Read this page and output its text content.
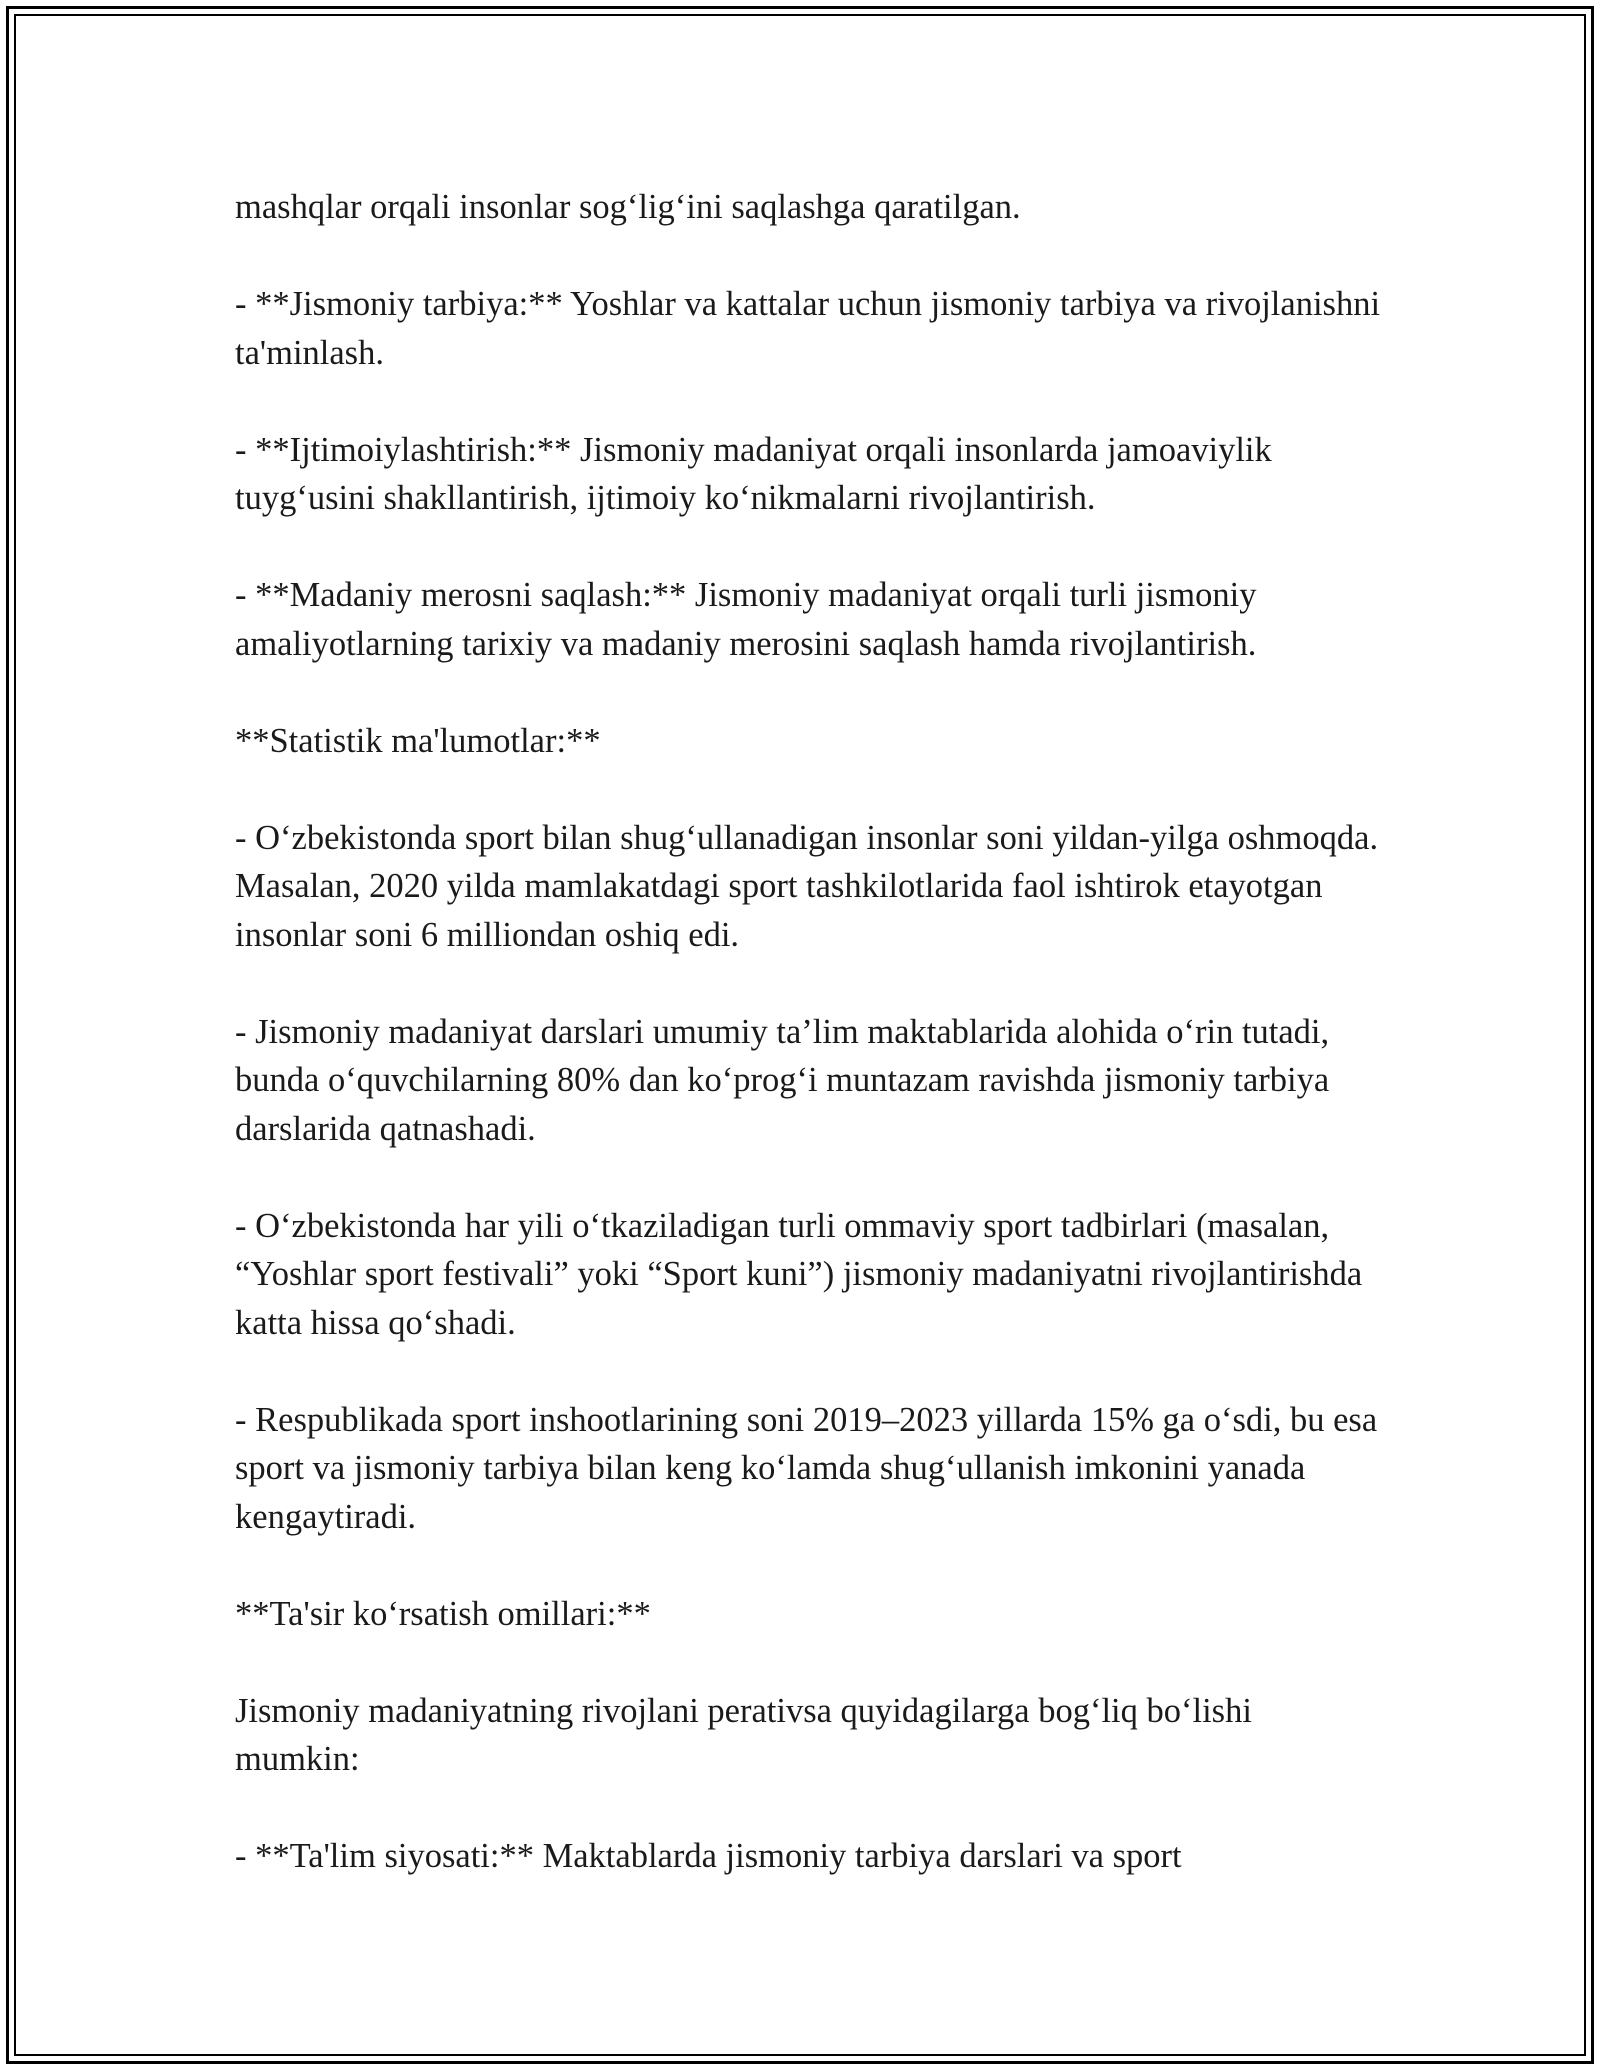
mashqlar orqali insonlar sog‘lig‘ini saqlashga qaratilgan.

- **Jismoniy tarbiya:** Yoshlar va kattalar uchun jismoniy tarbiya va rivojlanishni ta'minlash.

- **Ijtimoiylashtirish:** Jismoniy madaniyat orqali insonlarda jamoaviylik tuyg‘usini shakllantirish, ijtimoiy ko‘nikmalarni rivojlantirish.

- **Madaniy merosni saqlash:** Jismoniy madaniyat orqali turli jismoniy amaliyotlarning tarixiy va madaniy merosini saqlash hamda rivojlantirish.

**Statistik ma'lumotlar:**

- O‘zbekistonda sport bilan shug‘ullanadigan insonlar soni yildan-yilga oshmoqda. Masalan, 2020 yilda mamlakatdagi sport tashkilotlarida faol ishtirok etayotgan insonlar soni 6 milliondan oshiq edi.

- Jismoniy madaniyat darslari umumiy ta’lim maktablarida alohida o‘rin tutadi, bunda o‘quvchilarning 80% dan ko‘prog‘i muntazam ravishda jismoniy tarbiya darslarida qatnashadi.

- O‘zbekistonda har yili o‘tkaziladigan turli ommaviy sport tadbirlari (masalan, “Yoshlar sport festivali” yoki “Sport kuni”) jismoniy madaniyatni rivojlantirishda katta hissa qo‘shadi.

- Respublikada sport inshootlarining soni 2019–2023 yillarda 15% ga o‘sdi, bu esa sport va jismoniy tarbiya bilan keng ko‘lamda shug‘ullanish imkonini yanada kengaytiradi.

**Ta'sir ko‘rsatish omillari:**

Jismoniy madaniyatning rivojlani perativsa quyidagilarga bog‘liq bo‘lishi mumkin:

- **Ta'lim siyosati:** Maktablarda jismoniy tarbiya darslari va sport
